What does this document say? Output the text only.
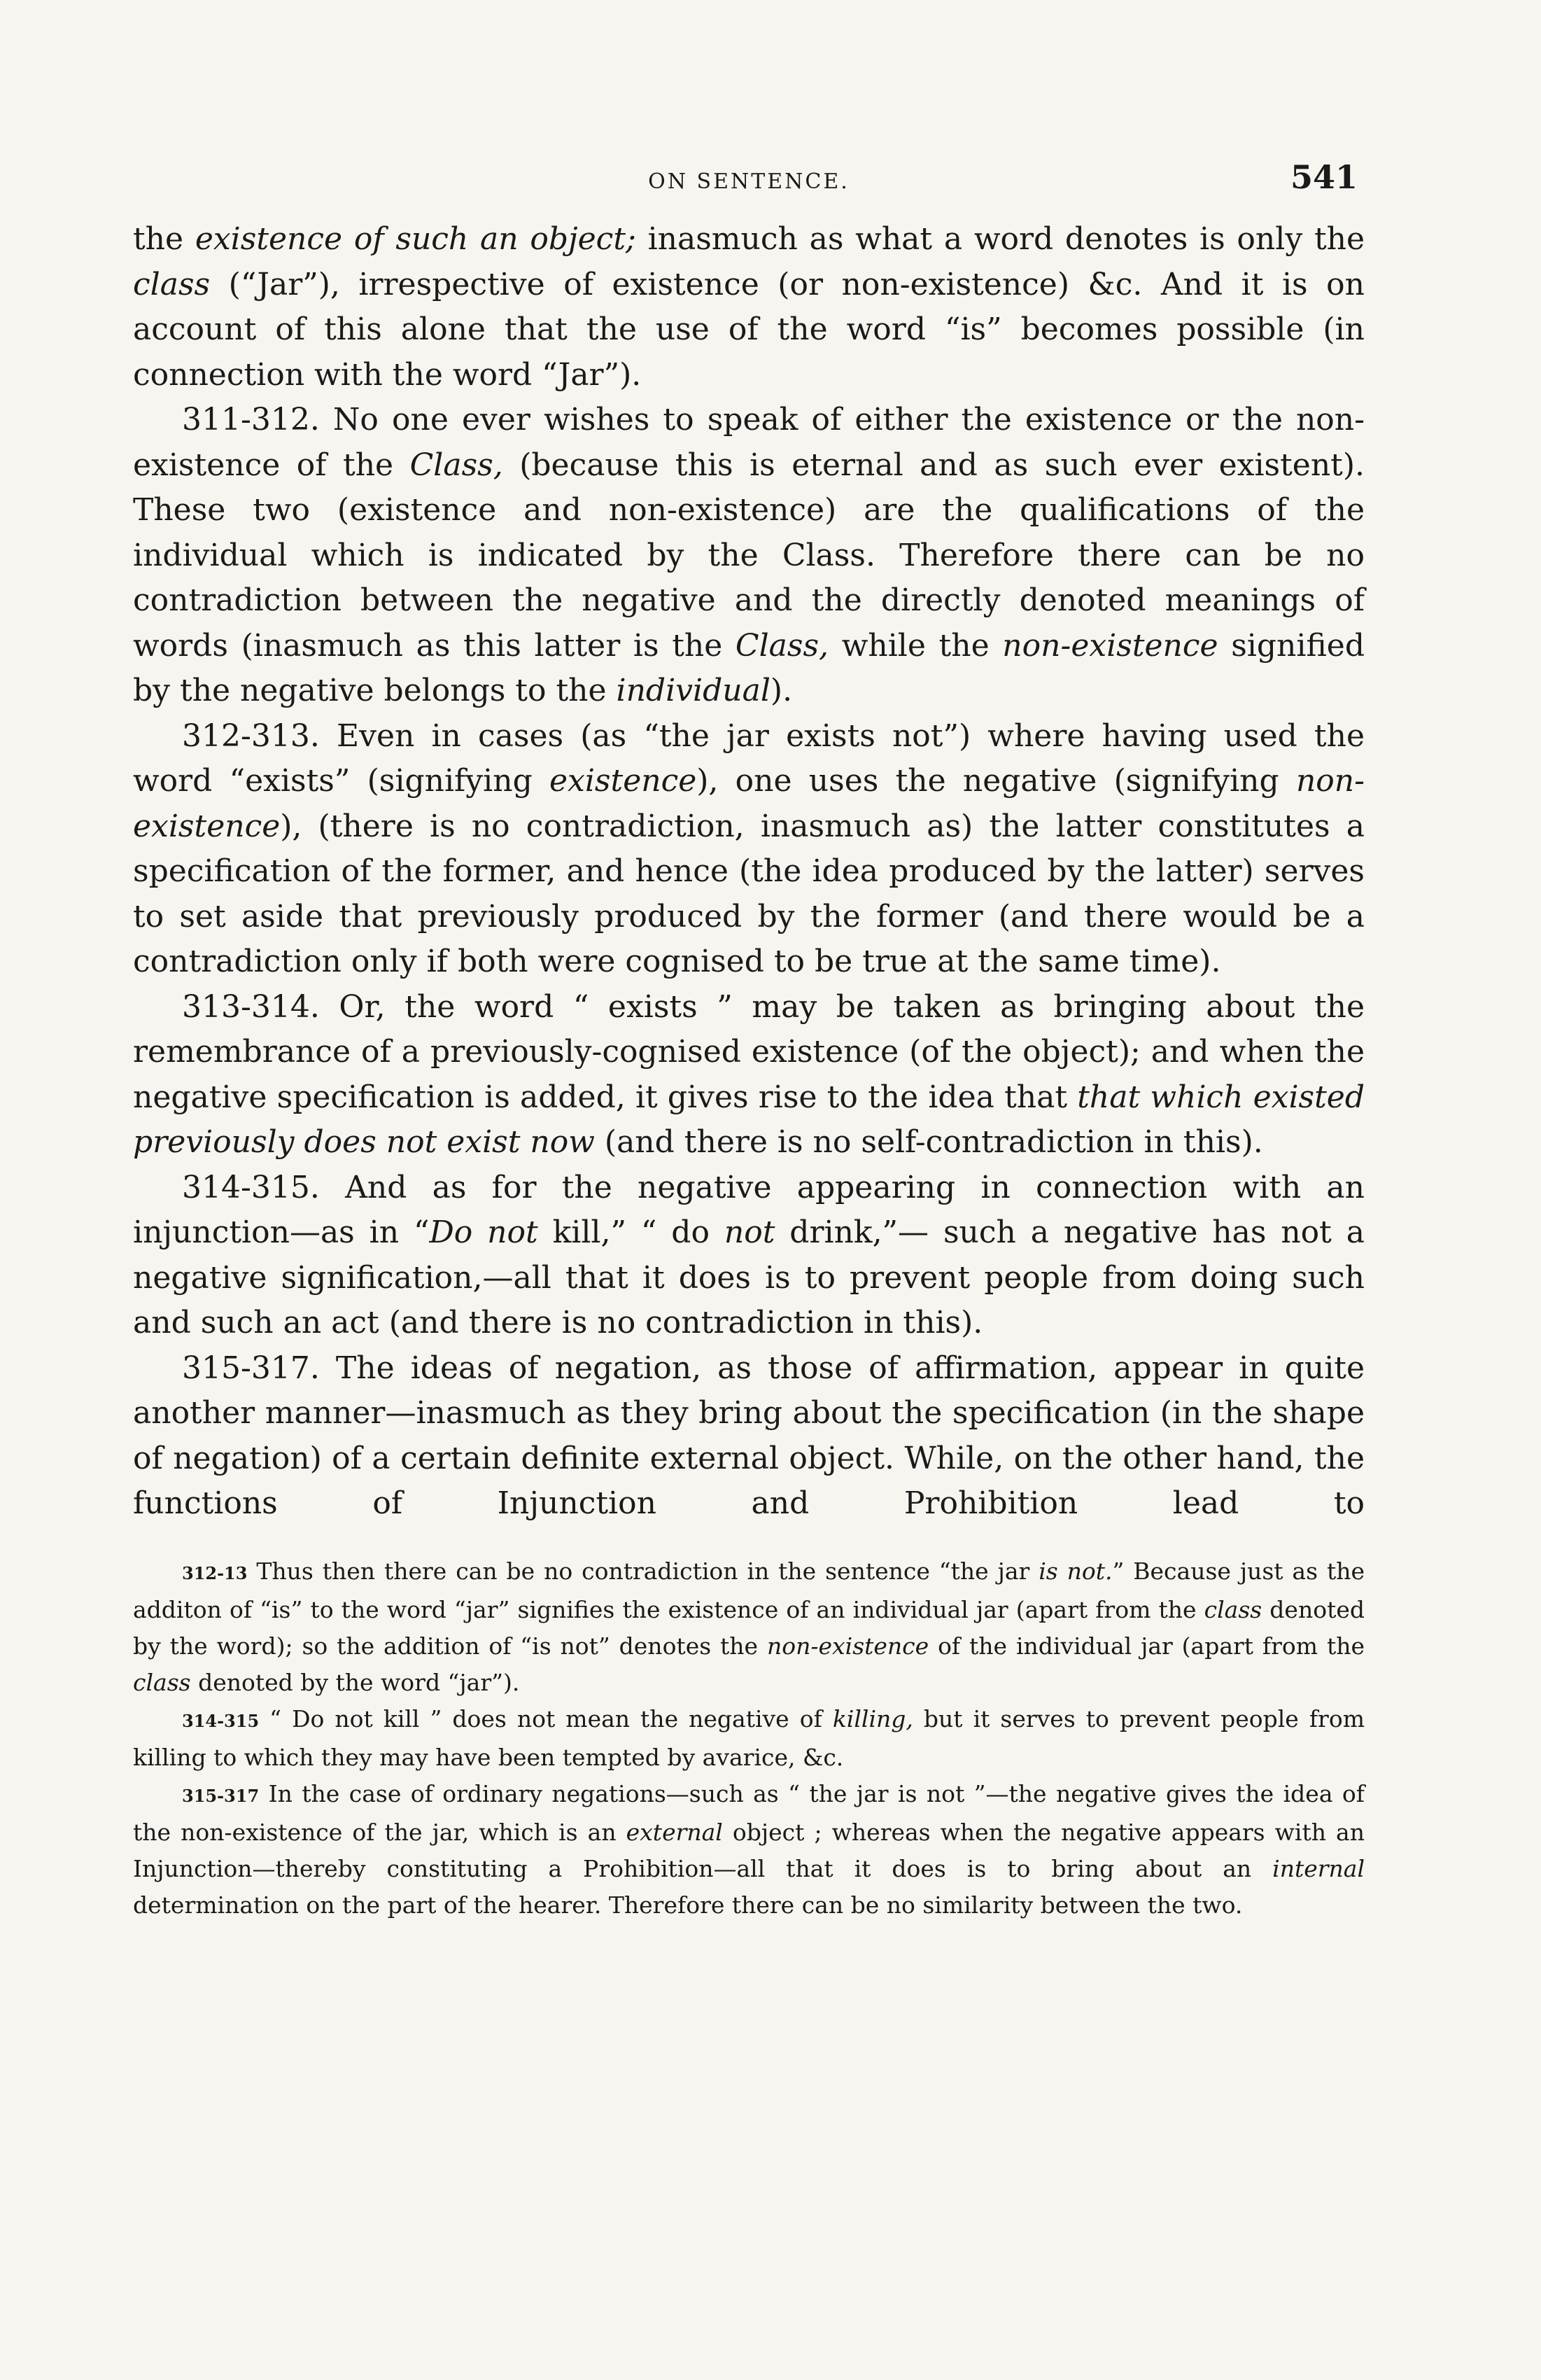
ON SENTENCE.	541

the existence of such an object; inasmuch as what a word denotes is only the class (“Jar”), irrespective of existence (or non-existence) &c. And it is on account of this alone that the use of the word “is” becomes possible (in connection with the word “Jar”).

311-312. No one ever wishes to speak of either the existence or the non-existence of the Class, (because this is eternal and as such ever existent). These two (existence and non-existence) are the qualifications of the individual which is indicated by the Class. Therefore there can be no contradiction between the negative and the directly denoted meanings of words (inasmuch as this latter is the Class, while the non-existence signified by the negative belongs to the individual).

312-313. Even in cases (as “the jar exists not”) where having used the word “exists” (signifying existence), one uses the negative (signifying non-existence), (there is no contradiction, inasmuch as) the latter constitutes a specification of the former, and hence (the idea produced by the latter) serves to set aside that previously produced by the former (and there would be a contradiction only if both were cognised to be true at the same time).

313-314. Or, the word “ exists ” may be taken as bringing about the remembrance of a previously-cognised existence (of the object); and when the negative specification is added, it gives rise to the idea that that which existed previously does not exist now (and there is no self-contradiction in this).

314-315. And as for the negative appearing in connection with an injunction—as in “Do not kill,” “ do not drink,”— such a negative has not a negative signification,—all that it does is to prevent people from doing such and such an act (and there is no contradiction in this).

315-317. The ideas of negation, as those of affirmation, appear in quite another manner—inasmuch as they bring about the specification (in the shape of negation) of a certain definite external object. While, on the other hand, the functions of Injunction and Prohibition lead to

312-13 Thus then there can be no contradiction in the sentence “the jar is not.” Because just as the additon of “is” to the word “jar” signifies the existence of an individual jar (apart from the class denoted by the word); so the addition of “is not” denotes the non-existence of the individual jar (apart from the class denoted by the word “jar”).

314-315 “ Do not kill ” does not mean the negative of killing, but it serves to prevent people from killing to which they may have been tempted by avarice, &c.

315-317 In the case of ordinary negations—such as “ the jar is not ”—the negative gives the idea of the non-existence of the jar, which is an external object ; whereas when the negative appears with an Injunction—thereby constituting a Prohibition—all that it does is to bring about an internal determination on the part of the hearer. Therefore there can be no similarity between the two.
